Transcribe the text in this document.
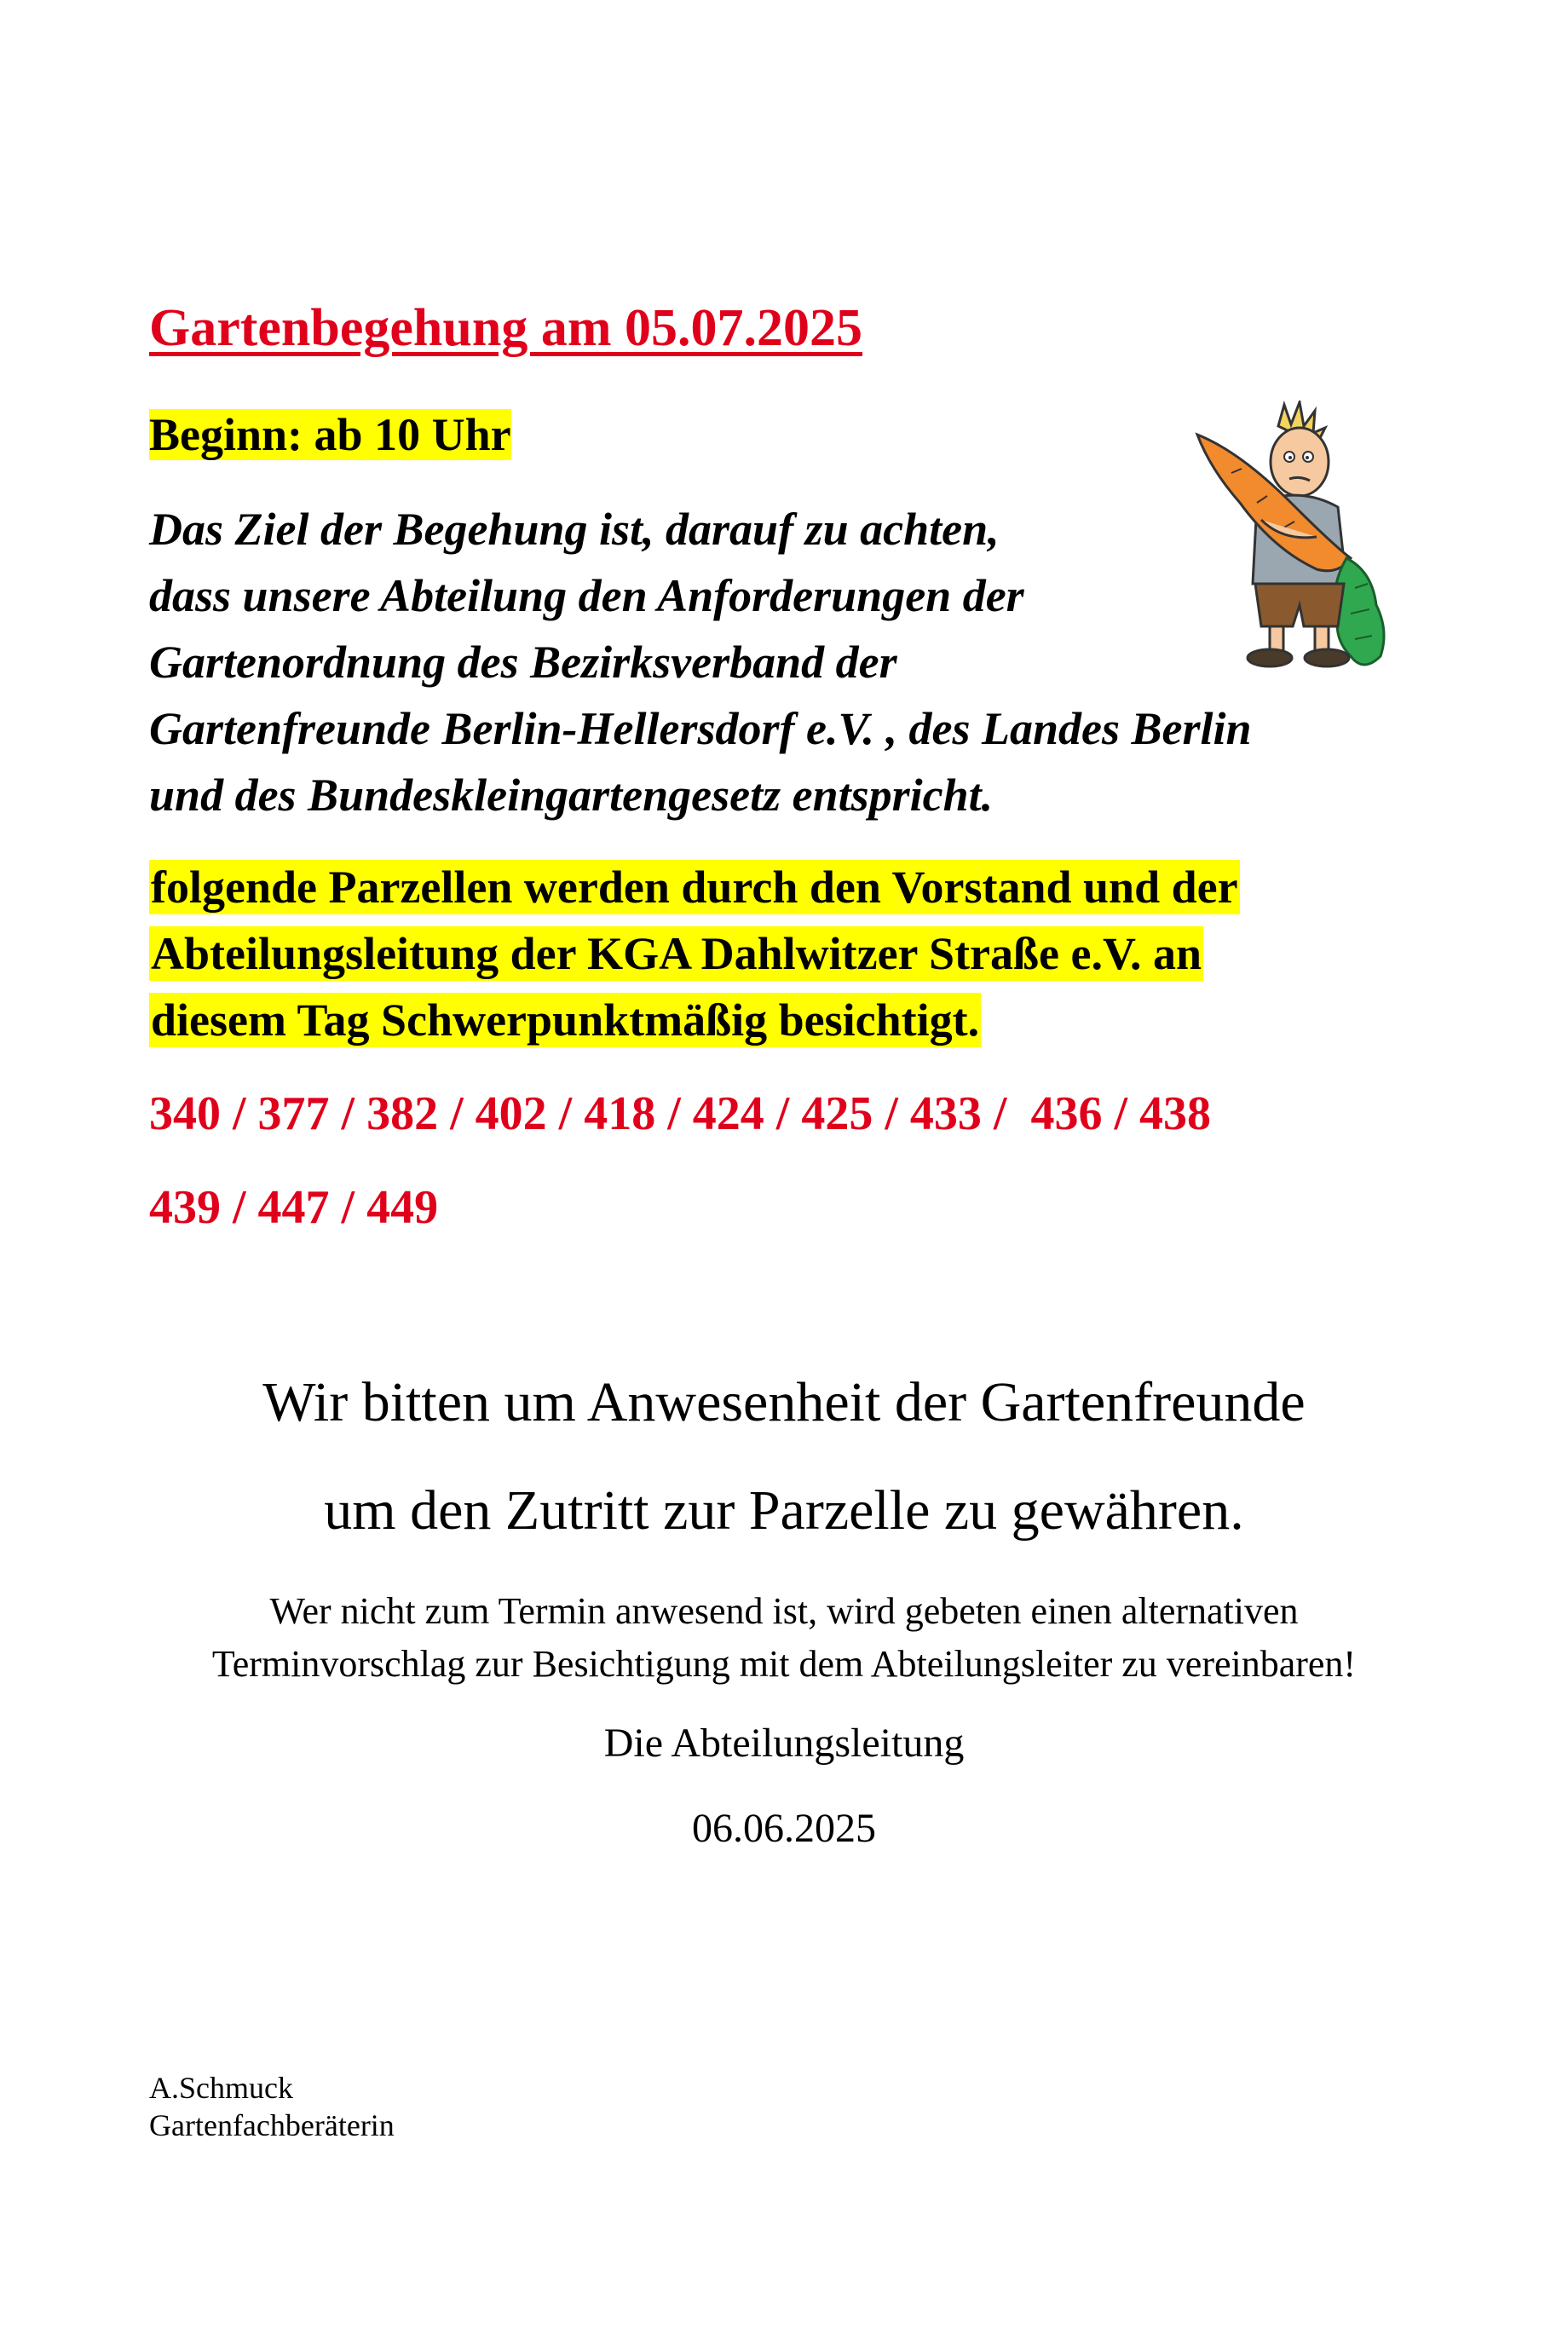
Gartenbegehung am 05.07.2025
Beginn: ab 10 Uhr
Das Ziel der Begehung ist, darauf zu achten,
dass unsere Abteilung den Anforderungen der
Gartenordnung des Bezirksverband der
Gartenfreunde Berlin-Hellersdorf e.V. , des Landes Berlin
und des Bundeskleingartengesetz entspricht.
folgende Parzellen werden durch den Vorstand und der
Abteilungsleitung der KGA Dahlwitzer Straße e.V. an
diesem Tag Schwerpunktmäßig besichtigt.
340 / 377 / 382 / 402 / 418 / 424 / 425 / 433 /  436 / 438
439 / 447 / 449
Wir bitten um Anwesenheit der Gartenfreunde
um den Zutritt zur Parzelle zu gewähren.
Wer nicht zum Termin anwesend ist, wird gebeten einen alternativen
Terminvorschlag zur Besichtigung mit dem Abteilungsleiter zu vereinbaren!
Die Abteilungsleitung
06.06.2025
A.Schmuck
Gartenfachberäterin
